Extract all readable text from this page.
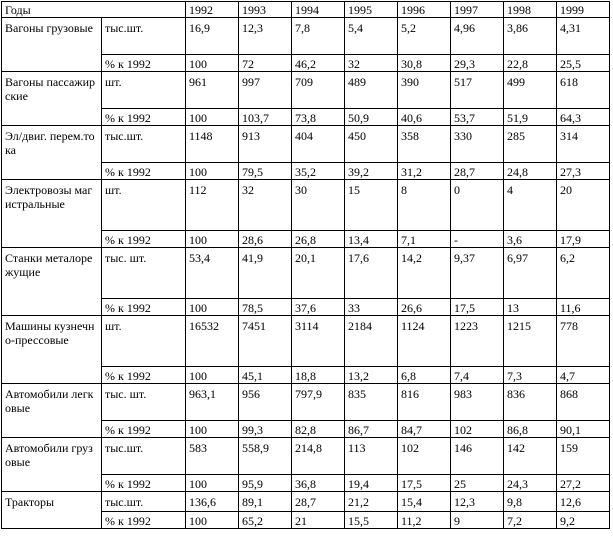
Годы		1992	1993	1994	1995	1996	1997	1998	1999
Вагоны грузовые	тыс.шт.	16,9	12,3	7,8	5,4	5,2	4,96	3,86	4,31
	% к 1992	100	72	46,2	32	30,8	29,3	22,8	25,5
Вагоны пассажирские	шт.	961	997	709	489	390	517	499	618
	% к 1992	100	103,7	73,8	50,9	40,6	53,7	51,9	64,3
Эл/двиг. перем.тока	тыс.шт.	1148	913	404	450	358	330	285	314
	% к 1992	100	79,5	35,2	39,2	31,2	28,7	24,8	27,3
Электровозы магистральные	шт.	112	32	30	15	8	0	4	20
	% к 1992	100	28,6	26,8	13,4	7,1	-	3,6	17,9
Станки металорежущие	тыс. шт.	53,4	41,9	20,1	17,6	14,2	9,37	6,97	6,2
	% к 1992	100	78,5	37,6	33	26,6	17,5	13	11,6
Машины кузнечно-прессовые	шт.	16532	7451	3114	2184	1124	1223	1215	778
	% к 1992	100	45,1	18,8	13,2	6,8	7,4	7,3	4,7
Автомобили легковые	тыс. шт.	963,1	956	797,9	835	816	983	836	868
	% к 1992	100	99,3	82,8	86,7	84,7	102	86,8	90,1
Автомобили грузовые	тыс.шт.	583	558,9	214,8	113	102	146	142	159
	% к 1992	100	95,9	36,8	19,4	17,5	25	24,3	27,2
Тракторы	тыс.шт.	136,6	89,1	28,7	21,2	15,4	12,3	9,8	12,6
	% к 1992	100	65,2	21	15,5	11,2	9	7,2	9,2
